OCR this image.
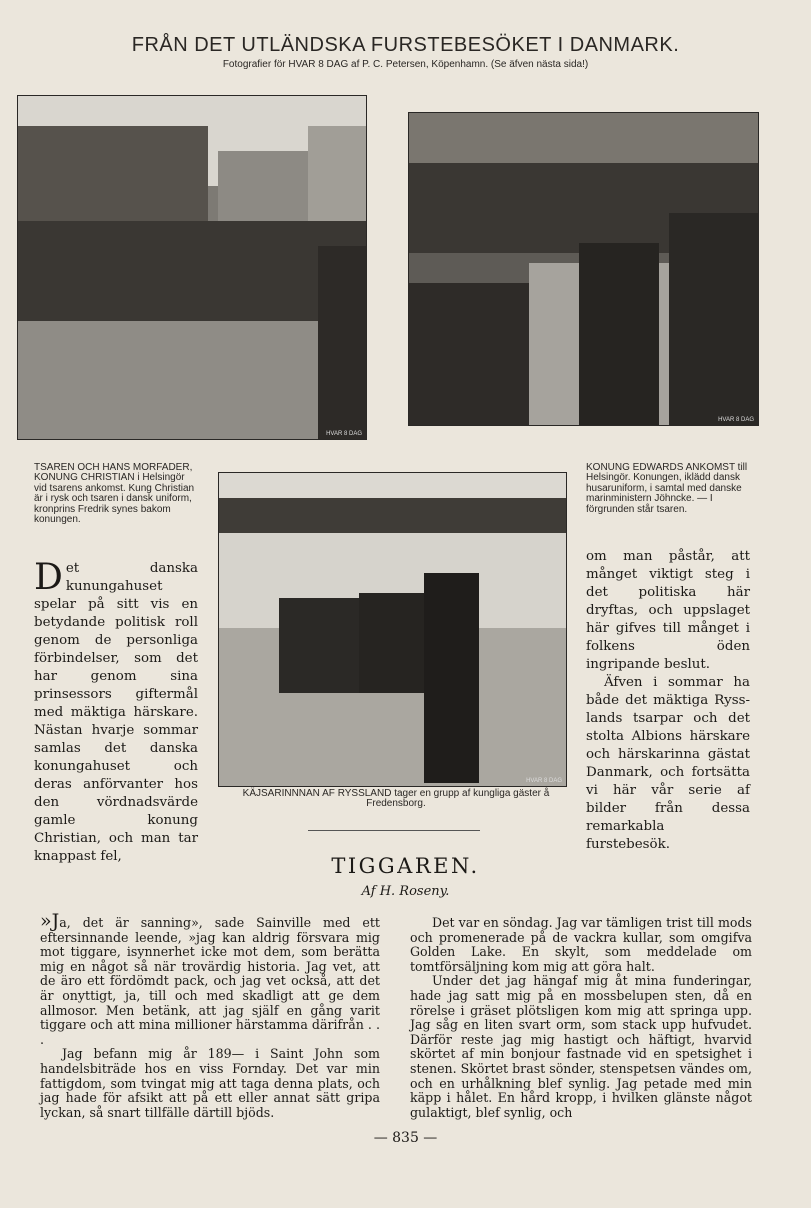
FRÅN DET UTLÄNDSKA FURSTEBESÖKET I DANMARK.
Fotografier för HVAR 8 DAG af P. C. Petersen, Köpenhamn. (Se äfven nästa sida!)
HVAR 8 DAG
HVAR 8 DAG
HVAR 8 DAG
TSAREN OCH HANS MORFADER, KONUNG CHRISTIAN i Helsingör vid tsarens ankomst. Kung Christian är i rysk och tsaren i dansk uniform, kronprins Fredrik synes bakom konungen.
KONUNG EDWARDS ANKOMST till Helsingör. Konungen, iklädd dansk husaruniform, i samtal med danske marinministern Jöhncke. — I förgrunden står tsaren.
KÄJSARINNNAN AF RYSSLAND tager en grupp af kungliga gäster å Fredensborg.

Det danska kunungahuset spelar på sitt vis en betydande politisk roll genom de personliga förbindelser, som det har genom sina prinsessors giftermål med mäktiga härskare. Nästan hvarje sommar samlas det danska konungahuset och deras anförvanter hos den vördnadsvärde gamle konung Christian, och man tar knappast fel,

om man påstår, att månget viktigt steg i det politiska här dryftas, och uppslaget här gifves till månget i folkens öden ingripande beslut.

Äfven i sommar ha både det mäktiga Rysslands tsarpar och det stolta Albions härskare och härskarinna gästat Danmark, och fortsätta vi här vår serie af bilder från dessa remarkabla furstebesök.

TIGGAREN.
Af H. Roseny.

»Ja, det är sanning», sade Sainville med ett eftersinnande leende, »jag kan aldrig försvara mig mot tiggare, isynnerhet icke mot dem, som berätta mig en något så när trovärdig historia. Jag vet, att de äro ett fördömdt pack, och jag vet också, att det är onyttigt, ja, till och med skadligt att ge dem allmosor. Men betänk, att jag själf en gång varit tiggare och att mina millioner härstamma därifrån . . .

Jag befann mig år 189— i Saint John som handelsbiträde hos en viss Fornday. Det var min fattigdom, som tvingat mig att taga denna plats, och jag hade för afsikt att på ett eller annat sätt gripa lyckan, så snart tillfälle därtill bjöds.

Det var en söndag. Jag var tämligen trist till mods och promenerade på de vackra kullar, som omgifva Golden Lake. En skylt, som meddelade om tomtförsäljning kom mig att göra halt.

Under det jag hängaf mig åt mina funderingar, hade jag satt mig på en mossbelupen sten, då en rörelse i gräset plötsligen kom mig att springa upp. Jag såg en liten svart orm, som stack upp hufvudet. Därför reste jag mig hastigt och häftigt, hvarvid skörtet af min bonjour fastnade vid en spetsighet i stenen. Skörtet brast sönder, stenspetsen vändes om, och en urhålkning blef synlig. Jag petade med min käpp i hålet. En hård kropp, i hvilken glänste något gulaktigt, blef synlig, och

— 835 —
